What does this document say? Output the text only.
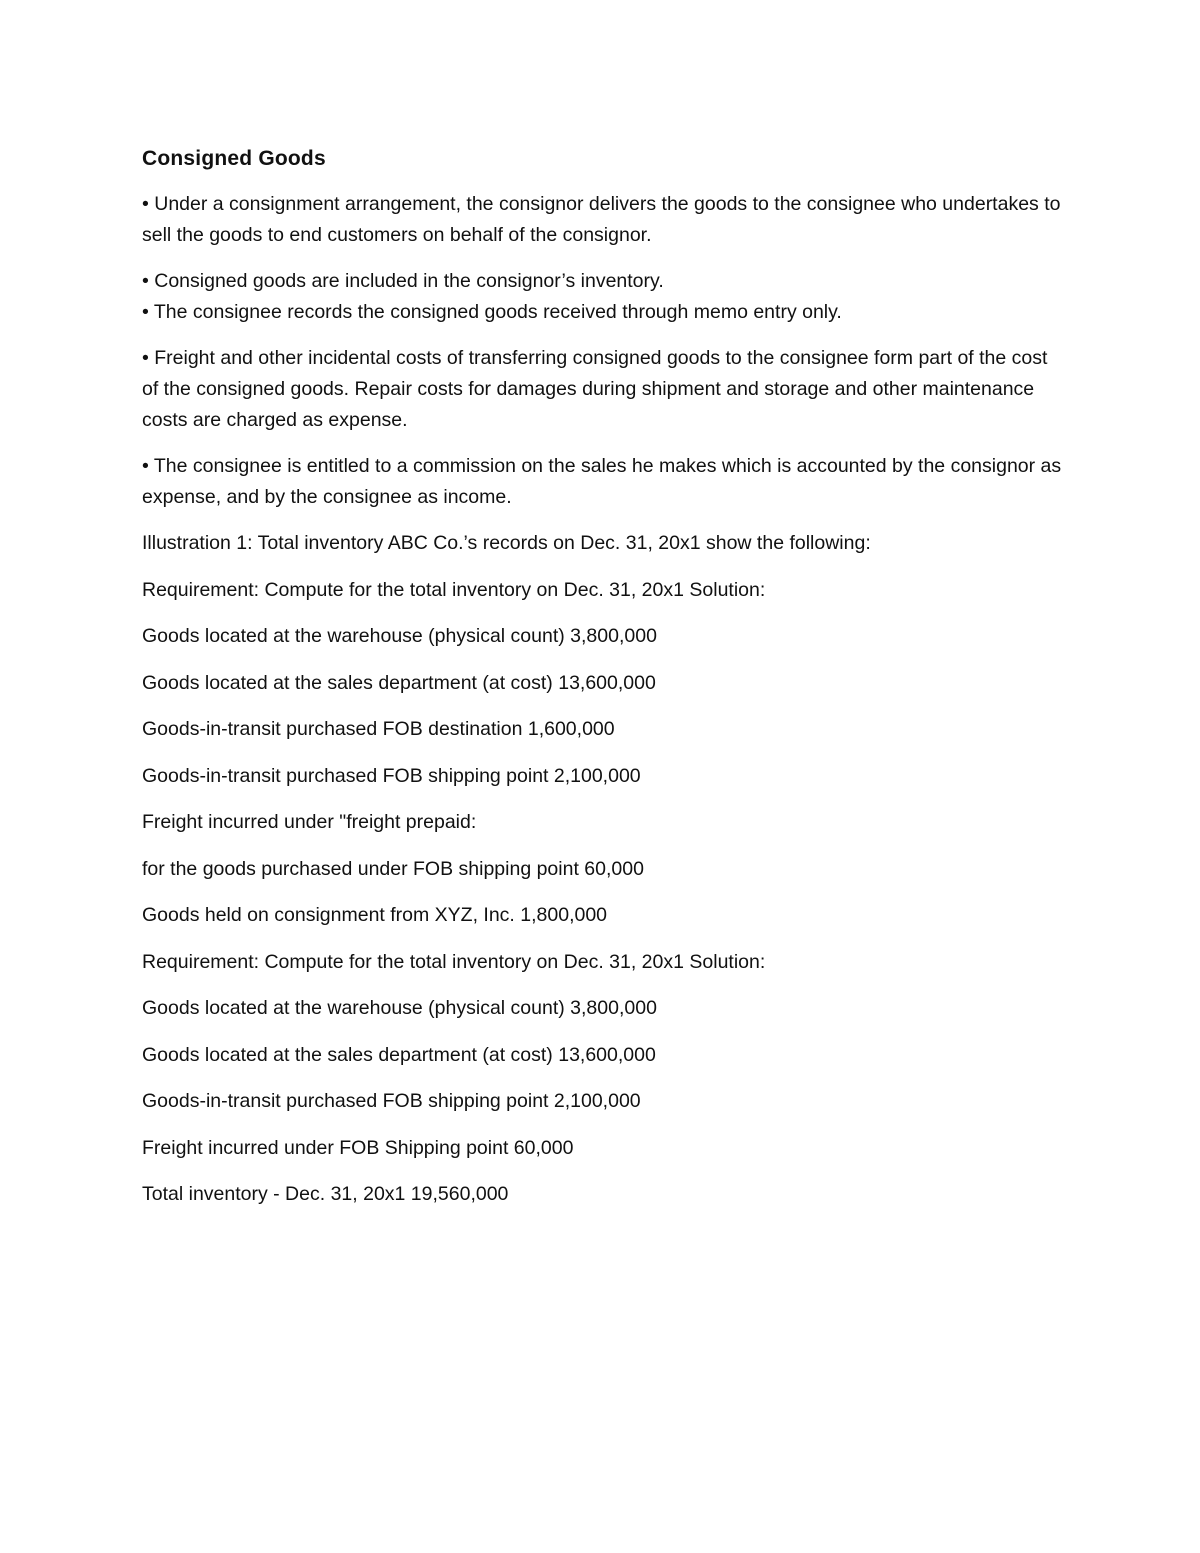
Consigned Goods
• Under a consignment arrangement, the consignor delivers the goods to the consignee who undertakes to sell the goods to end customers on behalf of the consignor.
• Consigned goods are included in the consignor’s inventory.
• The consignee records the consigned goods received through memo entry only.
• Freight and other incidental costs of transferring consigned goods to the consignee form part of the cost of the consigned goods. Repair costs for damages during shipment and storage and other maintenance costs are charged as expense.
• The consignee is entitled to a commission on the sales he makes which is accounted by the consignor as expense, and by the consignee as income.
Illustration 1: Total inventory ABC Co.’s records on Dec. 31, 20x1 show the following:
Requirement: Compute for the total inventory on Dec. 31, 20x1 Solution:
Goods located at the warehouse (physical count) 3,800,000
Goods located at the sales department (at cost) 13,600,000
Goods-in-transit purchased FOB destination 1,600,000
Goods-in-transit purchased FOB shipping point 2,100,000
Freight incurred under "freight prepaid:
for the goods purchased under FOB shipping point 60,000
Goods held on consignment from XYZ, Inc. 1,800,000
Requirement: Compute for the total inventory on Dec. 31, 20x1 Solution:
Goods located at the warehouse (physical count) 3,800,000
Goods located at the sales department (at cost) 13,600,000
Goods-in-transit purchased FOB shipping point 2,100,000
Freight incurred under FOB Shipping point 60,000
Total inventory - Dec. 31, 20x1 19,560,000
